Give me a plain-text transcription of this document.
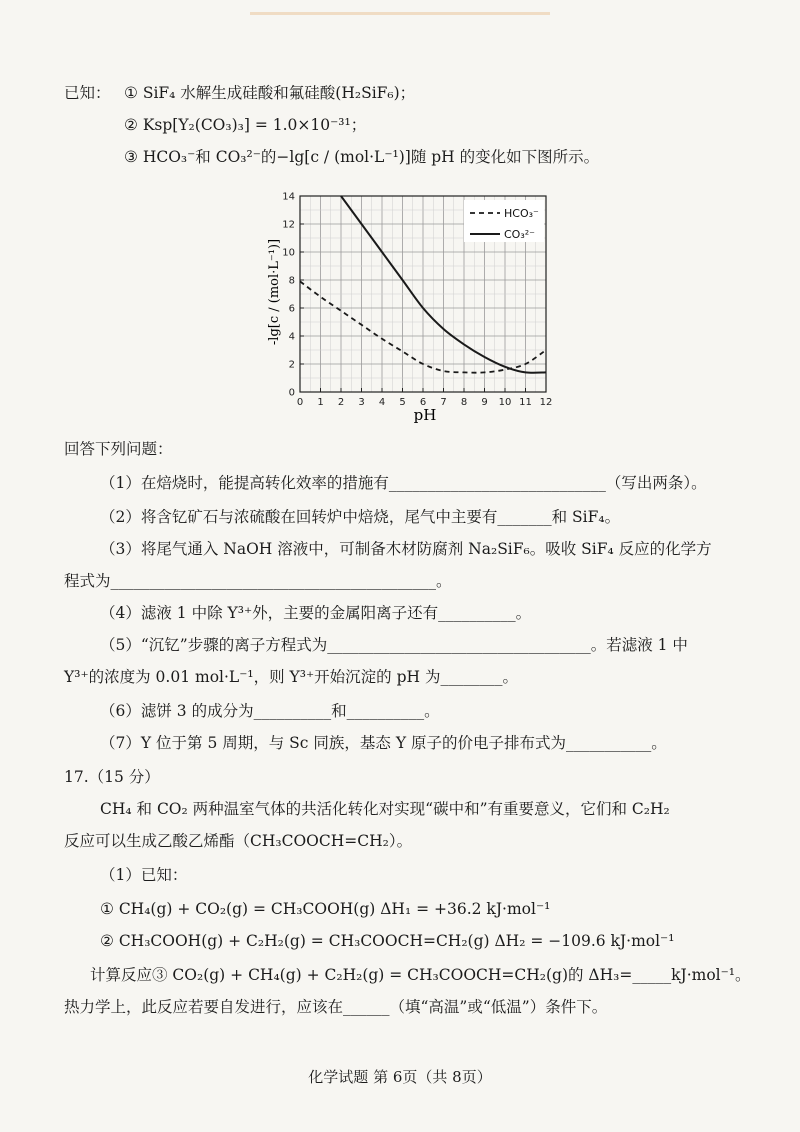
已知： ① SiF₄ 水解生成硅酸和氟硅酸(H₂SiF₆)；
② Ksp[Y₂(CO₃)₃] = 1.0×10⁻³¹；
③ HCO₃⁻和 CO₃²⁻的−lg[c / (mol·L⁻¹)]随 pH 的变化如下图所示。
0 1 2 3 4 5 6 7 8 9 10 11 12
0
2
4
6
8
10
12
14
HCO₃⁻
CO₃²⁻
pH
-lg[c / (mol·L⁻¹)]
回答下列问题：
（1）在焙烧时，能提高转化效率的措施有____________________________（写出两条）。
（2）将含钇矿石与浓硫酸在回转炉中焙烧，尾气中主要有_______和 SiF₄。
（3）将尾气通入 NaOH 溶液中，可制备木材防腐剂 Na₂SiF₆。吸收 SiF₄ 反应的化学方
程式为__________________________________________。
（4）滤液 1 中除 Y³⁺外，主要的金属阳离子还有__________。
（5）“沉钇”步骤的离子方程式为__________________________________。若滤液 1 中
Y³⁺的浓度为 0.01 mol·L⁻¹，则 Y³⁺开始沉淀的 pH 为________。
（6）滤饼 3 的成分为__________和__________。
（7）Y 位于第 5 周期，与 Sc 同族，基态 Y 原子的价电子排布式为___________。
17.（15 分）
CH₄ 和 CO₂ 两种温室气体的共活化转化对实现“碳中和”有重要意义，它们和 C₂H₂
反应可以生成乙酸乙烯酯（CH₃COOCH=CH₂）。
（1）已知：
① CH₄(g) + CO₂(g) = CH₃COOH(g) ΔH₁ = +36.2 kJ·mol⁻¹
② CH₃COOH(g) + C₂H₂(g) = CH₃COOCH=CH₂(g) ΔH₂ = −109.6 kJ·mol⁻¹
计算反应③ CO₂(g) + CH₄(g) + C₂H₂(g) = CH₃COOCH=CH₂(g)的 ΔH₃=_____kJ·mol⁻¹。
热力学上，此反应若要自发进行，应该在______（填“高温”或“低温”）条件下。
化学试题 第 6页（共 8页）
